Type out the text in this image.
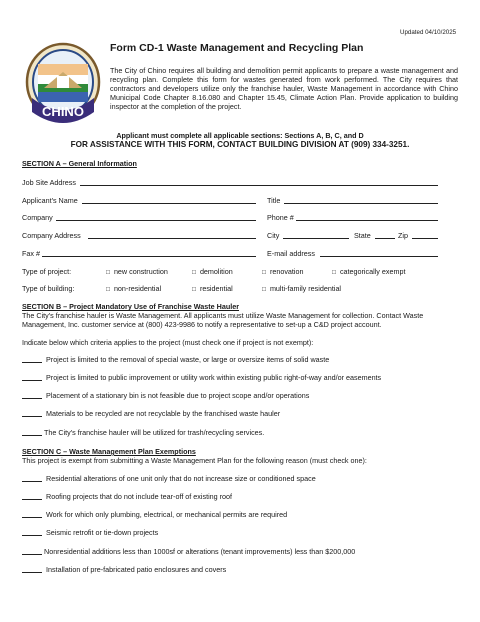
Updated 04/10/2025
CHINO
Form CD-1 Waste Management and Recycling Plan
The City of Chino requires all building and demolition permit applicants to prepare a waste management and recycling plan. Complete this form for wastes generated from work performed. The City requires that contractors and developers utilize only the franchise hauler, Waste Management in accordance with Chino Municipal Code Chapter 8.16.080 and Chapter 15.45, Climate Action Plan. Provide application to building inspector at the completion of the project.
Applicant must complete all applicable sections: Sections A, B, C, and D
FOR ASSISTANCE WITH THIS FORM, CONTACT BUILDING DIVISION AT (909) 334-3251.
SECTION A – General Information
Job Site Address
Applicant's Name	Title
Company	Phone #
Company Address	City	State	Zip
Fax #	E-mail address
Type of project:	□ new construction	□ demolition	□ renovation	□ categorically exempt
Type of building:	□ non-residential	□ residential	□ multi-family residential
SECTION B – Project Mandatory Use of Franchise Waste Hauler
The City's franchise hauler is Waste Management. All applicants must utilize Waste Management for collection. Contact Waste Management, Inc. customer service at (800) 423-9986 to notify a representative to set-up a C&D project account.
Indicate below which criteria applies to the project (must check one if project is not exempt):
Project is limited to the removal of special waste, or large or oversize items of solid waste
Project is limited to public improvement or utility work within existing public right-of-way and/or easements
Placement of a stationary bin is not feasible due to project scope and/or operations
Materials to be recycled are not recyclable by the franchised waste hauler
The City's franchise hauler will be utilized for trash/recycling services.
SECTION C – Waste Management Plan Exemptions
This project is exempt from submitting a Waste Management Plan for the following reason (must check one):
Residential alterations of one unit only that do not increase size or conditioned space
Roofing projects that do not include tear-off of existing roof
Work for which only plumbing, electrical, or mechanical permits are required
Seismic retrofit or tie-down projects
Nonresidential additions less than 1000sf or alterations (tenant improvements) less than $200,000
Installation of pre-fabricated patio enclosures and covers
